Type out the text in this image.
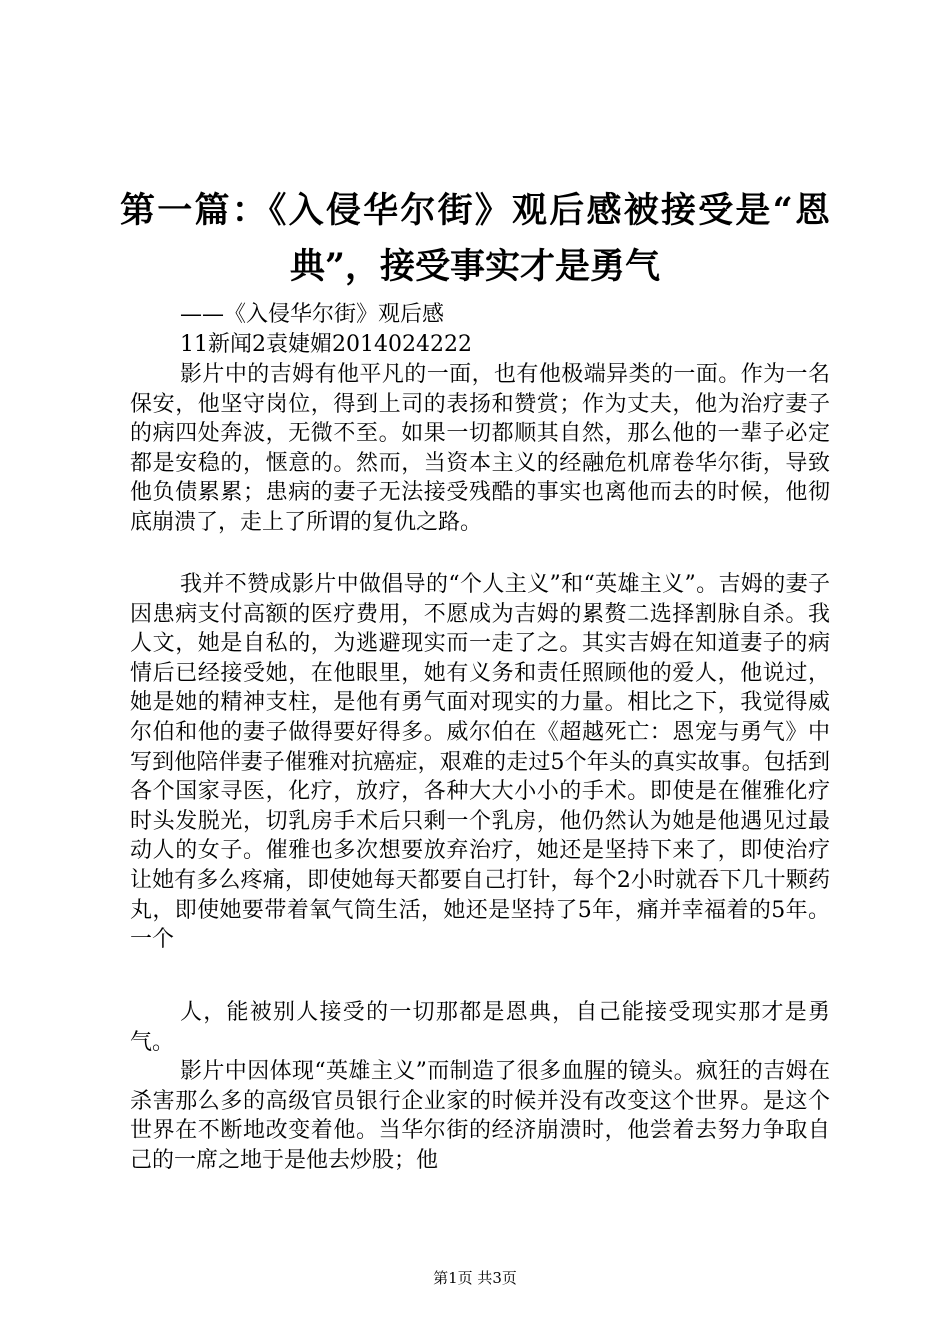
第一篇：《入侵华尔街》观后感被接受是“恩
典”，接受事实才是勇气
——《入侵华尔街》观后感
11新闻2袁婕媚2014024222

影片中的吉姆有他平凡的一面，也有他极端异类的一面。作为一名保安，他坚守岗位，得到上司的表扬和赞赏；作为丈夫，他为治疗妻子的病四处奔波，无微不至。如果一切都顺其自然，那么他的一辈子必定都是安稳的，惬意的。然而，当资本主义的经融危机席卷华尔街，导致他负债累累；患病的妻子无法接受残酷的事实也离他而去的时候，他彻底崩溃了，走上了所谓的复仇之路。

我并不赞成影片中做倡导的“个人主义”和“英雄主义”。吉姆的妻子因患病支付高额的医疗费用，不愿成为吉姆的累赘二选择割脉自杀。我人文，她是自私的，为逃避现实而一走了之。其实吉姆在知道妻子的病情后已经接受她，在他眼里，她有义务和责任照顾他的爱人，他说过，她是她的精神支柱，是他有勇气面对现实的力量。相比之下，我觉得威尔伯和他的妻子做得要好得多。威尔伯在《超越死亡：恩宠与勇气》中写到他陪伴妻子催雅对抗癌症，艰难的走过5个年头的真实故事。包括到各个国家寻医，化疗，放疗，各种大大小小的手术。即使是在催雅化疗时头发脱光，切乳房手术后只剩一个乳房，他仍然认为她是他遇见过最动人的女子。催雅也多次想要放弃治疗，她还是坚持下来了，即使治疗让她有多么疼痛，即使她每天都要自己打针，每个2小时就吞下几十颗药丸，即使她要带着氧气筒生活，她还是坚持了5年，痛并幸福着的5年。一个

人，能被别人接受的一切那都是恩典，自己能接受现实那才是勇气。

影片中因体现“英雄主义”而制造了很多血腥的镜头。疯狂的吉姆在杀害那么多的高级官员银行企业家的时候并没有改变这个世界。是这个世界在不断地改变着他。当华尔街的经济崩溃时，他尝着去努力争取自己的一席之地于是他去炒股；他

第1页 共3页
